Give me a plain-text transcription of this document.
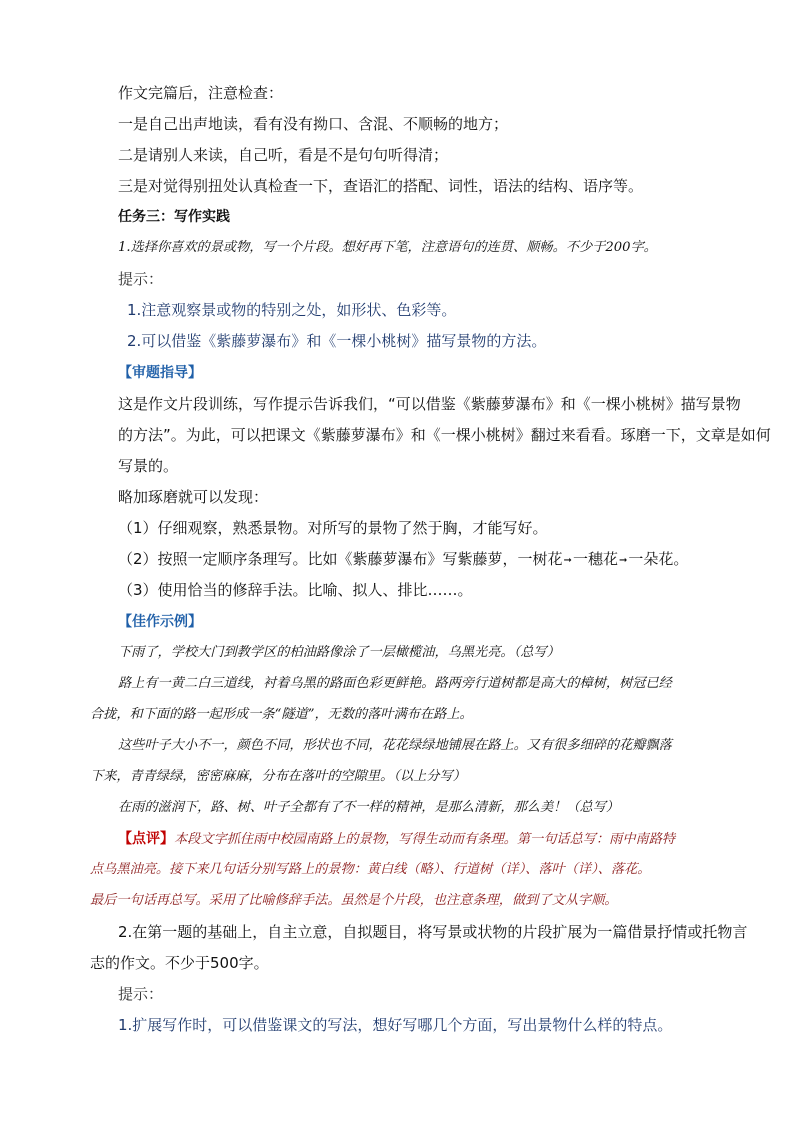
作文完篇后，注意检查：
一是自己出声地读，看有没有拗口、含混、不顺畅的地方；
二是请别人来读，自己听，看是不是句句听得清；
三是对觉得别扭处认真检查一下，查语汇的搭配、词性，语法的结构、语序等。
任务三：写作实践
1.选择你喜欢的景或物，写一个片段。想好再下笔，注意语句的连贯、顺畅。不少于200字。
提示：
1.注意观察景或物的特别之处，如形状、色彩等。
2.可以借鉴《紫藤萝瀑布》和《一棵小桃树》描写景物的方法。
【审题指导】
这是作文片段训练，写作提示告诉我们，“可以借鉴《紫藤萝瀑布》和《一棵小桃树》描写景物
的方法”。为此，可以把课文《紫藤萝瀑布》和《一棵小桃树》翻过来看看。琢磨一下，文章是如何
写景的。
略加琢磨就可以发现：
（1）仔细观察，熟悉景物。对所写的景物了然于胸，才能写好。
（2）按照一定顺序条理写。比如《紫藤萝瀑布》写紫藤萝，一树花➞一穗花➞一朵花。
（3）使用恰当的修辞手法。比喻、拟人、排比……。
【佳作示例】
下雨了，学校大门到教学区的柏油路像涂了一层橄榄油，乌黑光亮。（总写）
路上有一黄二白三道线，衬着乌黑的路面色彩更鲜艳。路两旁行道树都是高大的樟树，树冠已经
合拢，和下面的路一起形成一条“隧道”，无数的落叶满布在路上。
这些叶子大小不一，颜色不同，形状也不同，花花绿绿地铺展在路上。又有很多细碎的花瓣飘落
下来，青青绿绿，密密麻麻，分布在落叶的空隙里。（以上分写）
在雨的滋润下，路、树、叶子全都有了不一样的精神，是那么清新，那么美！（总写）
【点评】本段文字抓住雨中校园南路上的景物，写得生动而有条理。第一句话总写：雨中南路特
点乌黑油亮。接下来几句话分别写路上的景物：黄白线（略）、行道树（详）、落叶（详）、落花。
最后一句话再总写。采用了比喻修辞手法。虽然是个片段，也注意条理，做到了文从字顺。
2.在第一题的基础上，自主立意，自拟题目，将写景或状物的片段扩展为一篇借景抒情或托物言
志的作文。不少于500字。
提示：
1.扩展写作时，可以借鉴课文的写法，想好写哪几个方面，写出景物什么样的特点。
